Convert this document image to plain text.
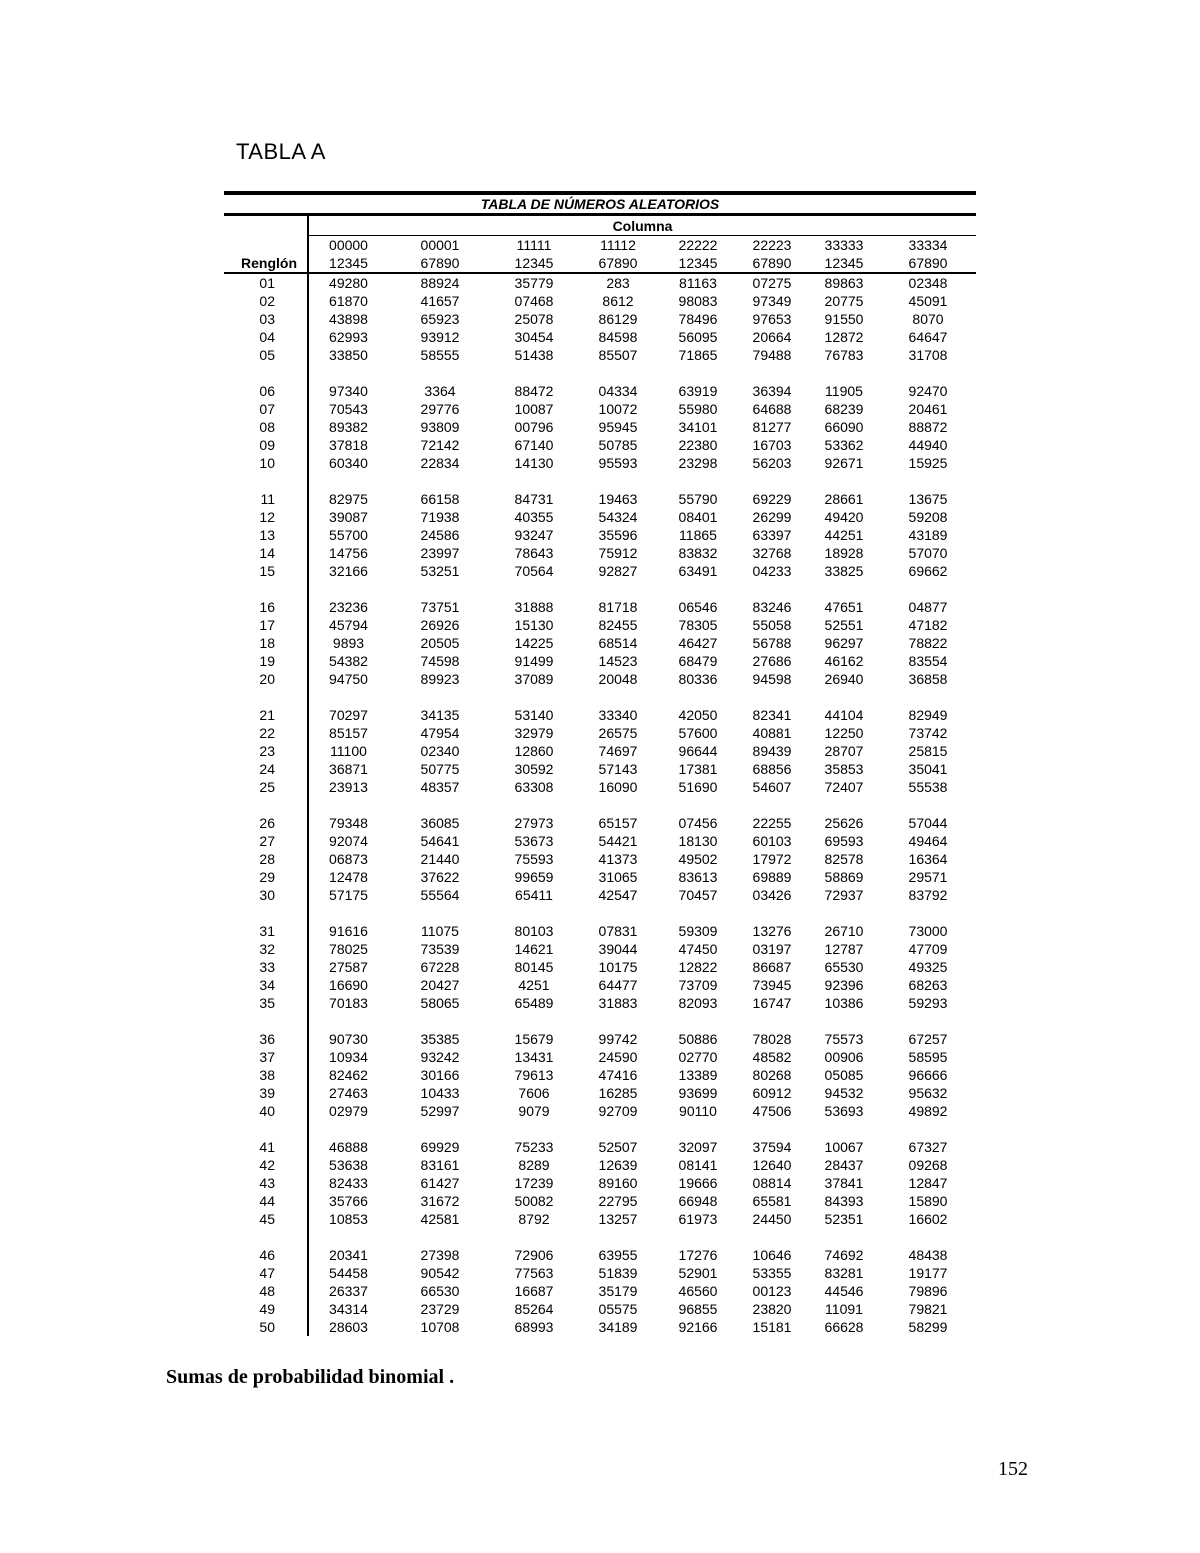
TABLA A
TABLA DE NÚMEROS ALEATORIOS
	Columna							
	00000	00001	11111	11112	22222	22223	33333	33334
Renglón	12345	67890	12345	67890	12345	67890	12345	67890
01	49280	88924	35779	283	81163	07275	89863	02348
02	61870	41657	07468	8612	98083	97349	20775	45091
03	43898	65923	25078	86129	78496	97653	91550	8070
04	62993	93912	30454	84598	56095	20664	12872	64647
05	33850	58555	51438	85507	71865	79488	76783	31708

06	97340	3364	88472	04334	63919	36394	11905	92470
07	70543	29776	10087	10072	55980	64688	68239	20461
08	89382	93809	00796	95945	34101	81277	66090	88872
09	37818	72142	67140	50785	22380	16703	53362	44940
10	60340	22834	14130	95593	23298	56203	92671	15925

11	82975	66158	84731	19463	55790	69229	28661	13675
12	39087	71938	40355	54324	08401	26299	49420	59208
13	55700	24586	93247	35596	11865	63397	44251	43189
14	14756	23997	78643	75912	83832	32768	18928	57070
15	32166	53251	70564	92827	63491	04233	33825	69662

16	23236	73751	31888	81718	06546	83246	47651	04877
17	45794	26926	15130	82455	78305	55058	52551	47182
18	9893	20505	14225	68514	46427	56788	96297	78822
19	54382	74598	91499	14523	68479	27686	46162	83554
20	94750	89923	37089	20048	80336	94598	26940	36858

21	70297	34135	53140	33340	42050	82341	44104	82949
22	85157	47954	32979	26575	57600	40881	12250	73742
23	11100	02340	12860	74697	96644	89439	28707	25815
24	36871	50775	30592	57143	17381	68856	35853	35041
25	23913	48357	63308	16090	51690	54607	72407	55538

26	79348	36085	27973	65157	07456	22255	25626	57044
27	92074	54641	53673	54421	18130	60103	69593	49464
28	06873	21440	75593	41373	49502	17972	82578	16364
29	12478	37622	99659	31065	83613	69889	58869	29571
30	57175	55564	65411	42547	70457	03426	72937	83792

31	91616	11075	80103	07831	59309	13276	26710	73000
32	78025	73539	14621	39044	47450	03197	12787	47709
33	27587	67228	80145	10175	12822	86687	65530	49325
34	16690	20427	4251	64477	73709	73945	92396	68263
35	70183	58065	65489	31883	82093	16747	10386	59293

36	90730	35385	15679	99742	50886	78028	75573	67257
37	10934	93242	13431	24590	02770	48582	00906	58595
38	82462	30166	79613	47416	13389	80268	05085	96666
39	27463	10433	7606	16285	93699	60912	94532	95632
40	02979	52997	9079	92709	90110	47506	53693	49892

41	46888	69929	75233	52507	32097	37594	10067	67327
42	53638	83161	8289	12639	08141	12640	28437	09268
43	82433	61427	17239	89160	19666	08814	37841	12847
44	35766	31672	50082	22795	66948	65581	84393	15890
45	10853	42581	8792	13257	61973	24450	52351	16602

46	20341	27398	72906	63955	17276	10646	74692	48438
47	54458	90542	77563	51839	52901	53355	83281	19177
48	26337	66530	16687	35179	46560	00123	44546	79896
49	34314	23729	85264	05575	96855	23820	11091	79821
50	28603	10708	68993	34189	92166	15181	66628	58299
Sumas de probabilidad binomial .
152
